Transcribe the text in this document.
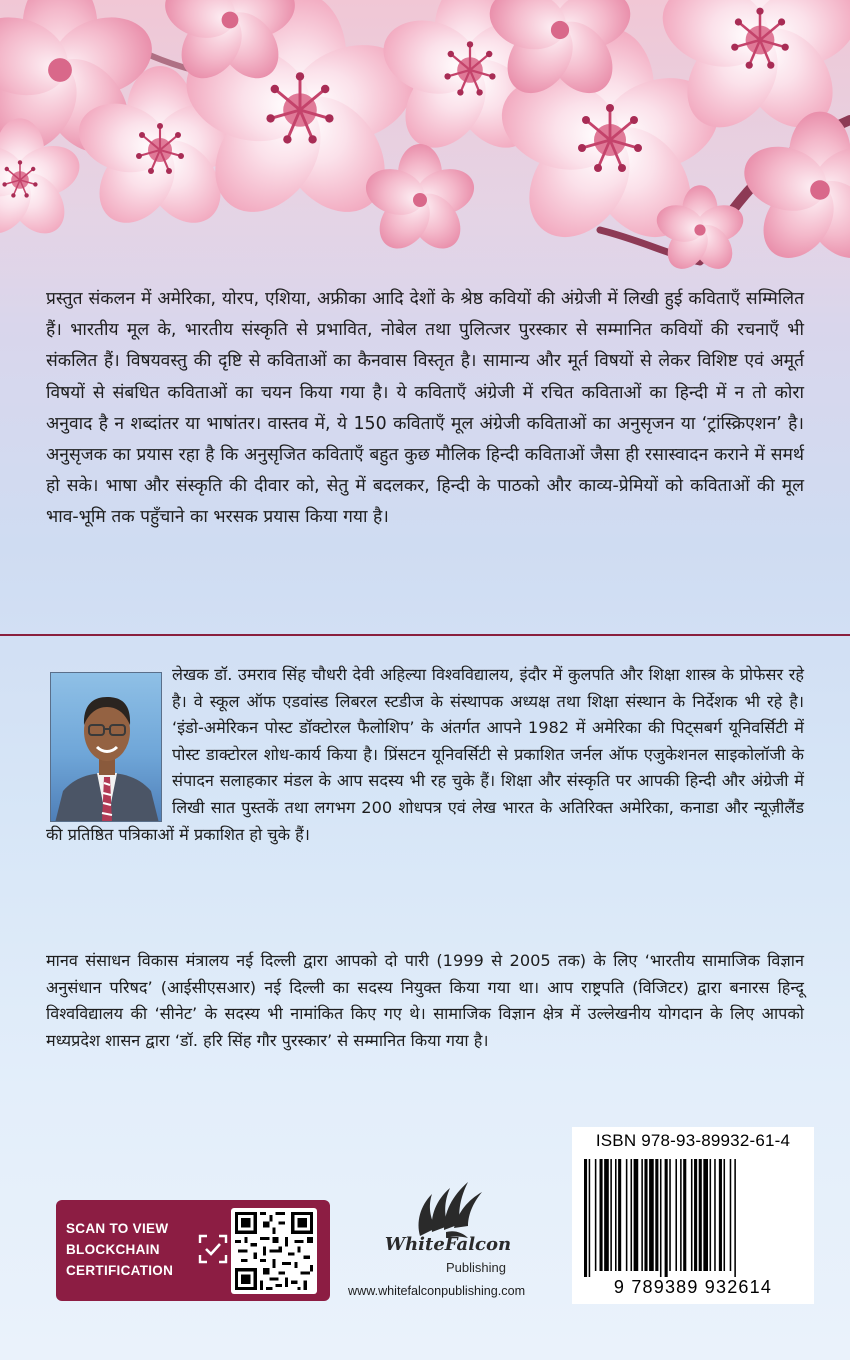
प्रस्तुत संकलन में अमेरिका, योरप, एशिया, अफ्रीका आदि देशों के श्रेष्ठ कवियों की अंग्रेजी में लिखी हुई कविताएँ सम्मिलित हैं। भारतीय मूल के, भारतीय संस्कृति से प्रभावित, नोबेल तथा पुलित्जर पुरस्कार से सम्मानित कवियों की रचनाएँ भी संकलित हैं। विषयवस्तु की दृष्टि से कविताओं का कैनवास विस्तृत है। सामान्य और मूर्त विषयों से लेकर विशिष्ट एवं अमूर्त विषयों से संबधित कविताओं का चयन किया गया है। ये कविताएँ अंग्रेजी में रचित कविताओं का हिन्दी में न तो कोरा अनुवाद है न शब्दांतर या भाषांतर। वास्तव में, ये 150 कविताएँ मूल अंग्रेजी कविताओं का अनुसृजन या ‘ट्रांस्क्रिएशन’ है। अनुसृजक का प्रयास रहा है कि अनुसृजित कविताएँ बहुत कुछ मौलिक हिन्दी कविताओं जैसा ही रसास्वादन कराने में समर्थ हो सके। भाषा और संस्कृति की दीवार को, सेतु में बदलकर, हिन्दी के पाठको और काव्य-प्रेमियों को कविताओं की मूल भाव-भूमि तक पहुँचाने का भरसक प्रयास किया गया है।

लेखक डॉ. उमराव सिंह चौधरी देवी अहिल्या विश्वविद्यालय, इंदौर में कुलपति और शिक्षा शास्त्र के प्रोफेसर रहे है। वे स्कूल ऑफ एडवांस्ड लिबरल स्टडीज के संस्थापक अध्यक्ष तथा शिक्षा संस्थान के निर्देशक भी रहे है। ‘इंडो-अमेरिकन पोस्ट डॉक्टोरल फैलोशिप’ के अंतर्गत आपने 1982 में अमेरिका की पिट्सबर्ग यूनिवर्सिटी में पोस्ट डाक्टोरल शोध-कार्य किया है। प्रिंसटन यूनिवर्सिटी से प्रकाशित जर्नल ऑफ एजुकेशनल साइकोलॉजी के संपादन सलाहकार मंडल के आप सदस्य भी रह चुके हैं। शिक्षा और संस्कृति पर आपकी हिन्दी और अंग्रेजी में लिखी सात पुस्तकें तथा लगभग 200 शोधपत्र एवं लेख भारत के अतिरिक्त अमेरिका, कनाडा और न्यूज़ीलैंड की प्रतिष्ठित पत्रिकाओं में प्रकाशित हो चुके हैं।

मानव संसाधन विकास मंत्रालय नई दिल्ली द्वारा आपको दो पारी (1999 से 2005 तक) के लिए ‘भारतीय सामाजिक विज्ञान अनुसंधान परिषद’ (आईसीएसआर) नई दिल्ली का सदस्य नियुक्त किया गया था। आप राष्ट्रपति (विजिटर) द्वारा बनारस हिन्दू विश्वविद्यालय की ‘सीनेट’ के सदस्य भी नामांकित किए गए थे। सामाजिक विज्ञान क्षेत्र में उल्लेखनीय योगदान के लिए आपको मध्यप्रदेश शासन द्वारा ‘डॉ. हरि सिंह गौर पुरस्कार’ से सम्मानित किया गया है।

SCAN TO VIEW
BLOCKCHAIN
CERTIFICATION
WhiteFalcon
Publishing
www.whitefalconpublishing.com
ISBN 978-93-89932-61-4
9 789389 932614
